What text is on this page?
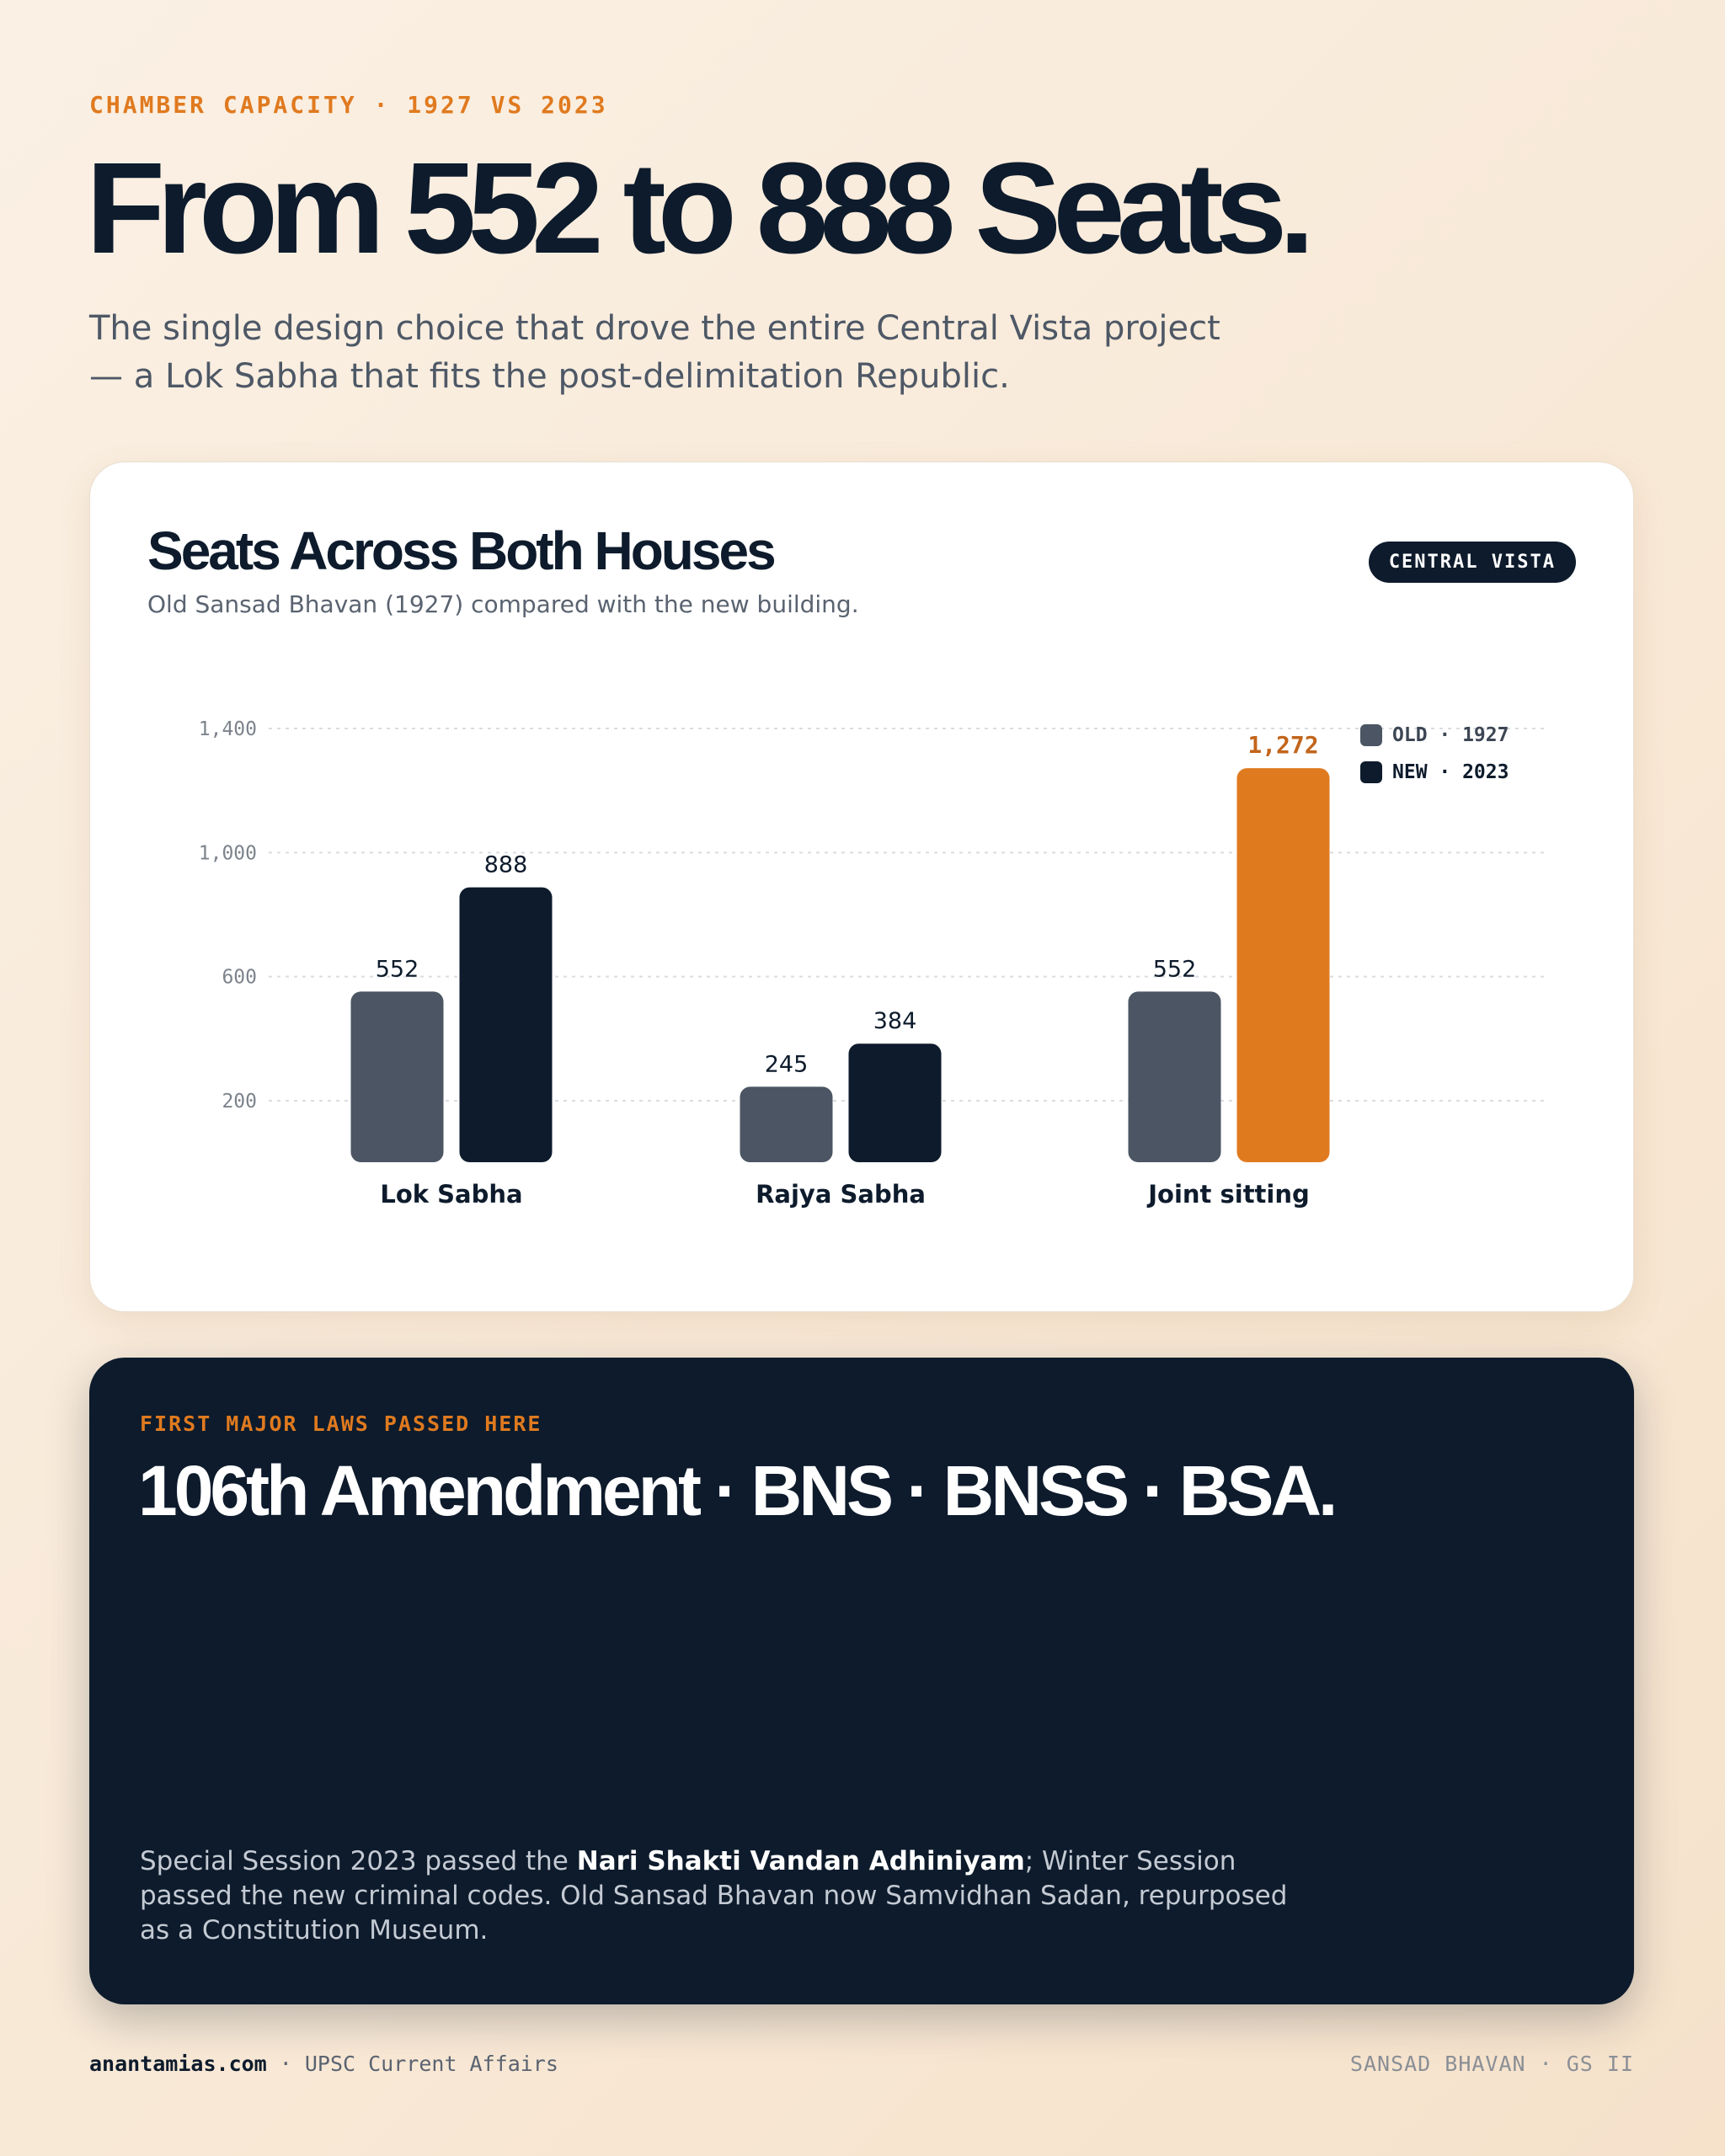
CHAMBER CAPACITY · 1927 VS 2023
From 552 to 888 Seats.
The single design choice that drove the entire Central Vista project — a Lok Sabha that fits the post-delimitation Republic.
Seats Across Both Houses
Old Sansad Bhavan (1927) compared with the new building.
CENTRAL VISTA
200
600
1,000
1,400
552
888
Lok Sabha
245
384
Rajya Sabha
552
1,272
Joint sitting
OLD · 1927
NEW · 2023
FIRST MAJOR LAWS PASSED HERE
106th Amendment · BNS · BNSS · BSA.
Special Session 2023 passed the Nari Shakti Vandan Adhiniyam; Winter Session passed the new criminal codes. Old Sansad Bhavan now Samvidhan Sadan, repurposed as a Constitution Museum.
anantamias.com · UPSC Current Affairs	SANSAD BHAVAN · GS II
